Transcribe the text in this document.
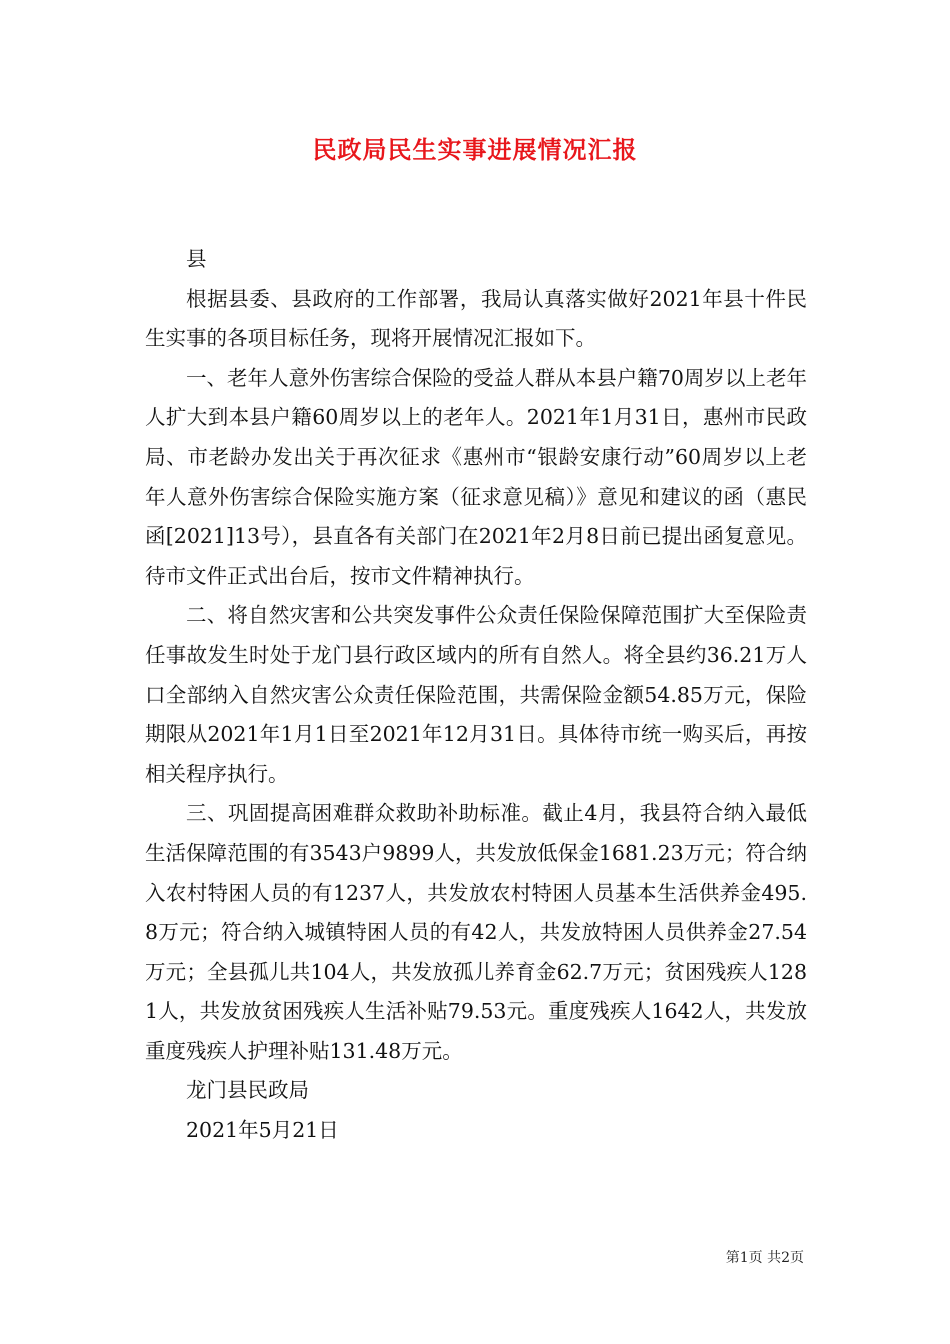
民政局民生实事进展情况汇报

县

根据县委、县政府的工作部署，我局认真落实做好2021年县十件民生实事的各项目标任务，现将开展情况汇报如下。

一、老年人意外伤害综合保险的受益人群从本县户籍70周岁以上老年人扩大到本县户籍60周岁以上的老年人。2021年1月31日，惠州市民政局、市老龄办发出关于再次征求《惠州市“银龄安康行动”60周岁以上老年人意外伤害综合保险实施方案（征求意见稿）》意见和建议的函（惠民函[2021]13号），县直各有关部门在2021年2月8日前已提出函复意见。待市文件正式出台后，按市文件精神执行。

二、将自然灾害和公共突发事件公众责任保险保障范围扩大至保险责任事故发生时处于龙门县行政区域内的所有自然人。将全县约36.21万人口全部纳入自然灾害公众责任保险范围，共需保险金额54.85万元，保险期限从2021年1月1日至2021年12月31日。具体待市统一购买后，再按相关程序执行。

三、巩固提高困难群众救助补助标准。截止4月，我县符合纳入最低生活保障范围的有3543户9899人，共发放低保金1681.23万元；符合纳入农村特困人员的有1237人，共发放农村特困人员基本生活供养金495.8万元；符合纳入城镇特困人员的有42人，共发放特困人员供养金27.54万元；全县孤儿共104人，共发放孤儿养育金62.7万元；贫困残疾人1281人，共发放贫困残疾人生活补贴79.53元。重度残疾人1642人，共发放重度残疾人护理补贴131.48万元。

龙门县民政局

2021年5月21日

第1页 共2页
